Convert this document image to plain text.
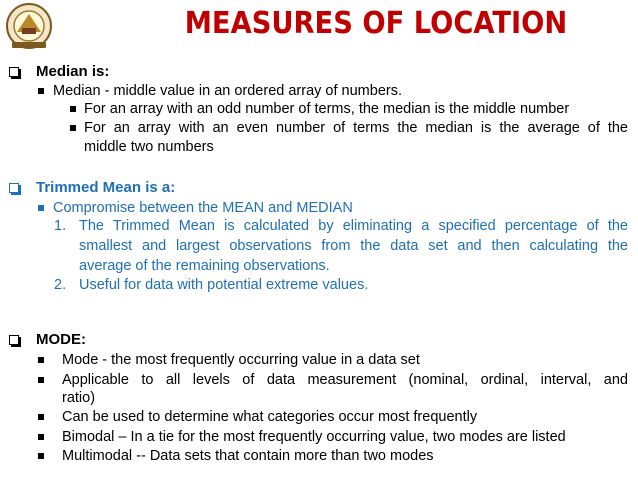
MEASURES OF LOCATION
Median is:
Median - middle value in an ordered array of numbers.
For an array with an odd number of terms, the median is the middle number
For an array with an even number of terms the median is the average of the
middle two numbers
Trimmed Mean is a:
Compromise between the MEAN and MEDIAN
1. The Trimmed Mean is calculated by eliminating a specified percentage of the
smallest and largest observations from the data set and then calculating the
average of the remaining observations.
2. Useful for data with potential extreme values.
MODE:
Mode - the most frequently occurring value in a data set
Applicable to all levels of data measurement (nominal, ordinal, interval, and
ratio)
Can be used to determine what categories occur most frequently
Bimodal – In a tie for the most frequently occurring value, two modes are listed
Multimodal -- Data sets that contain more than two modes
